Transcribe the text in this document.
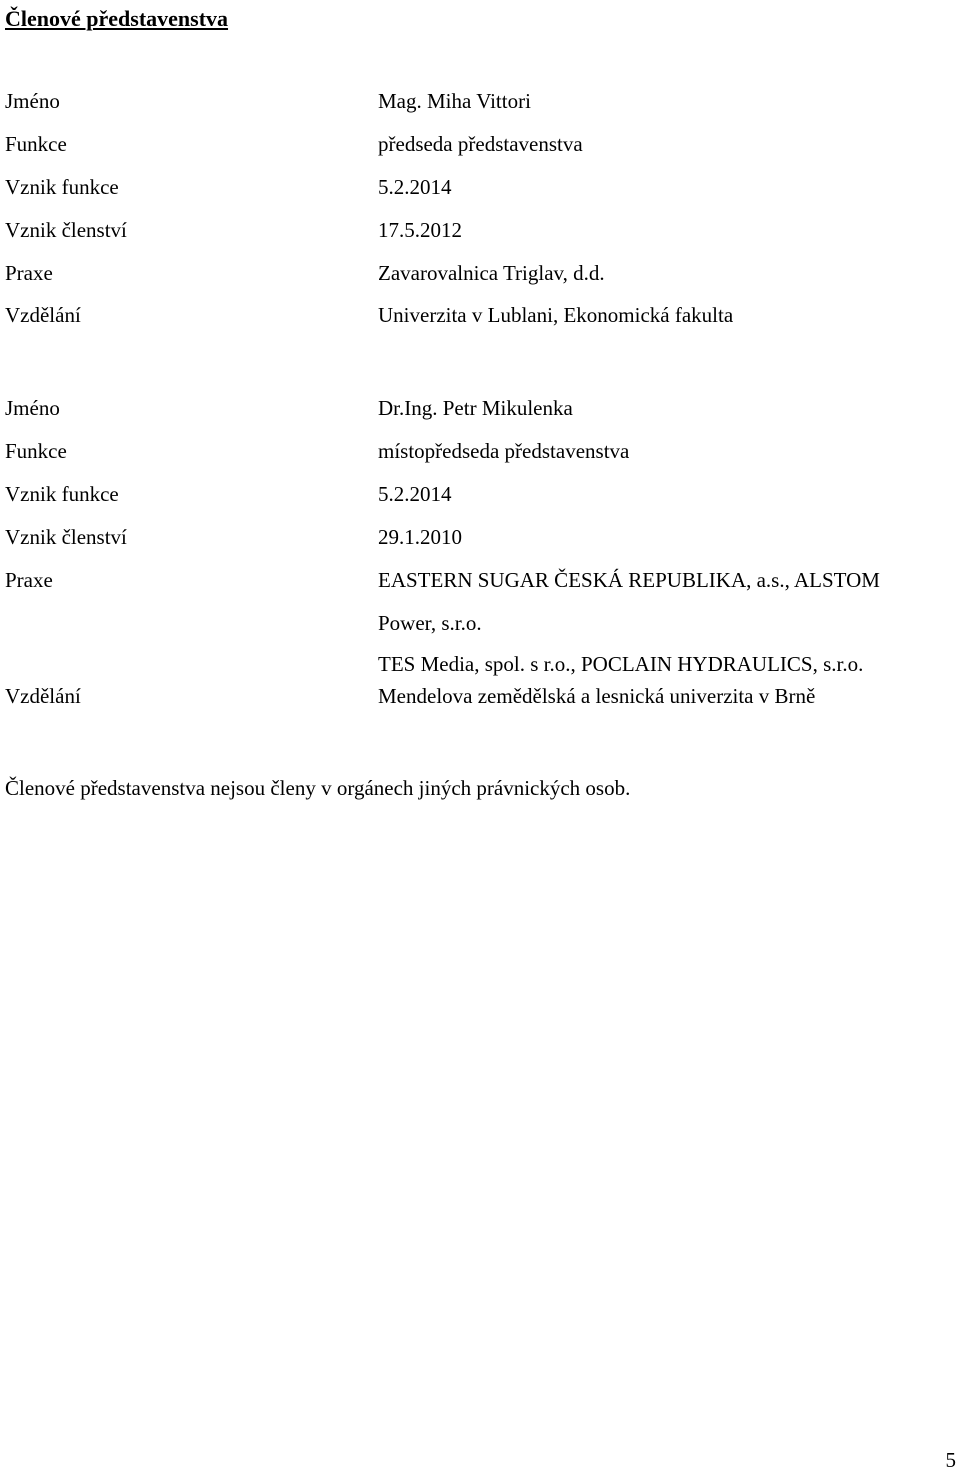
Členové představenstva
Jméno	Mag. Miha Vittori
Funkce	předseda představenstva
Vznik funkce	5.2.2014
Vznik členství	17.5.2012
Praxe	Zavarovalnica Triglav, d.d.
Vzdělání	Univerzita v Lublani, Ekonomická fakulta
Jméno	Dr.Ing. Petr Mikulenka
Funkce	místopředseda představenstva
Vznik funkce	5.2.2014
Vznik členství	29.1.2010
Praxe	EASTERN SUGAR ČESKÁ REPUBLIKA, a.s., ALSTOM
Power, s.r.o.
TES Media, spol. s r.o., POCLAIN HYDRAULICS, s.r.o.
Vzdělání	Mendelova zemědělská a lesnická univerzita v Brně
Členové představenstva nejsou členy v orgánech jiných právnických osob.
5
